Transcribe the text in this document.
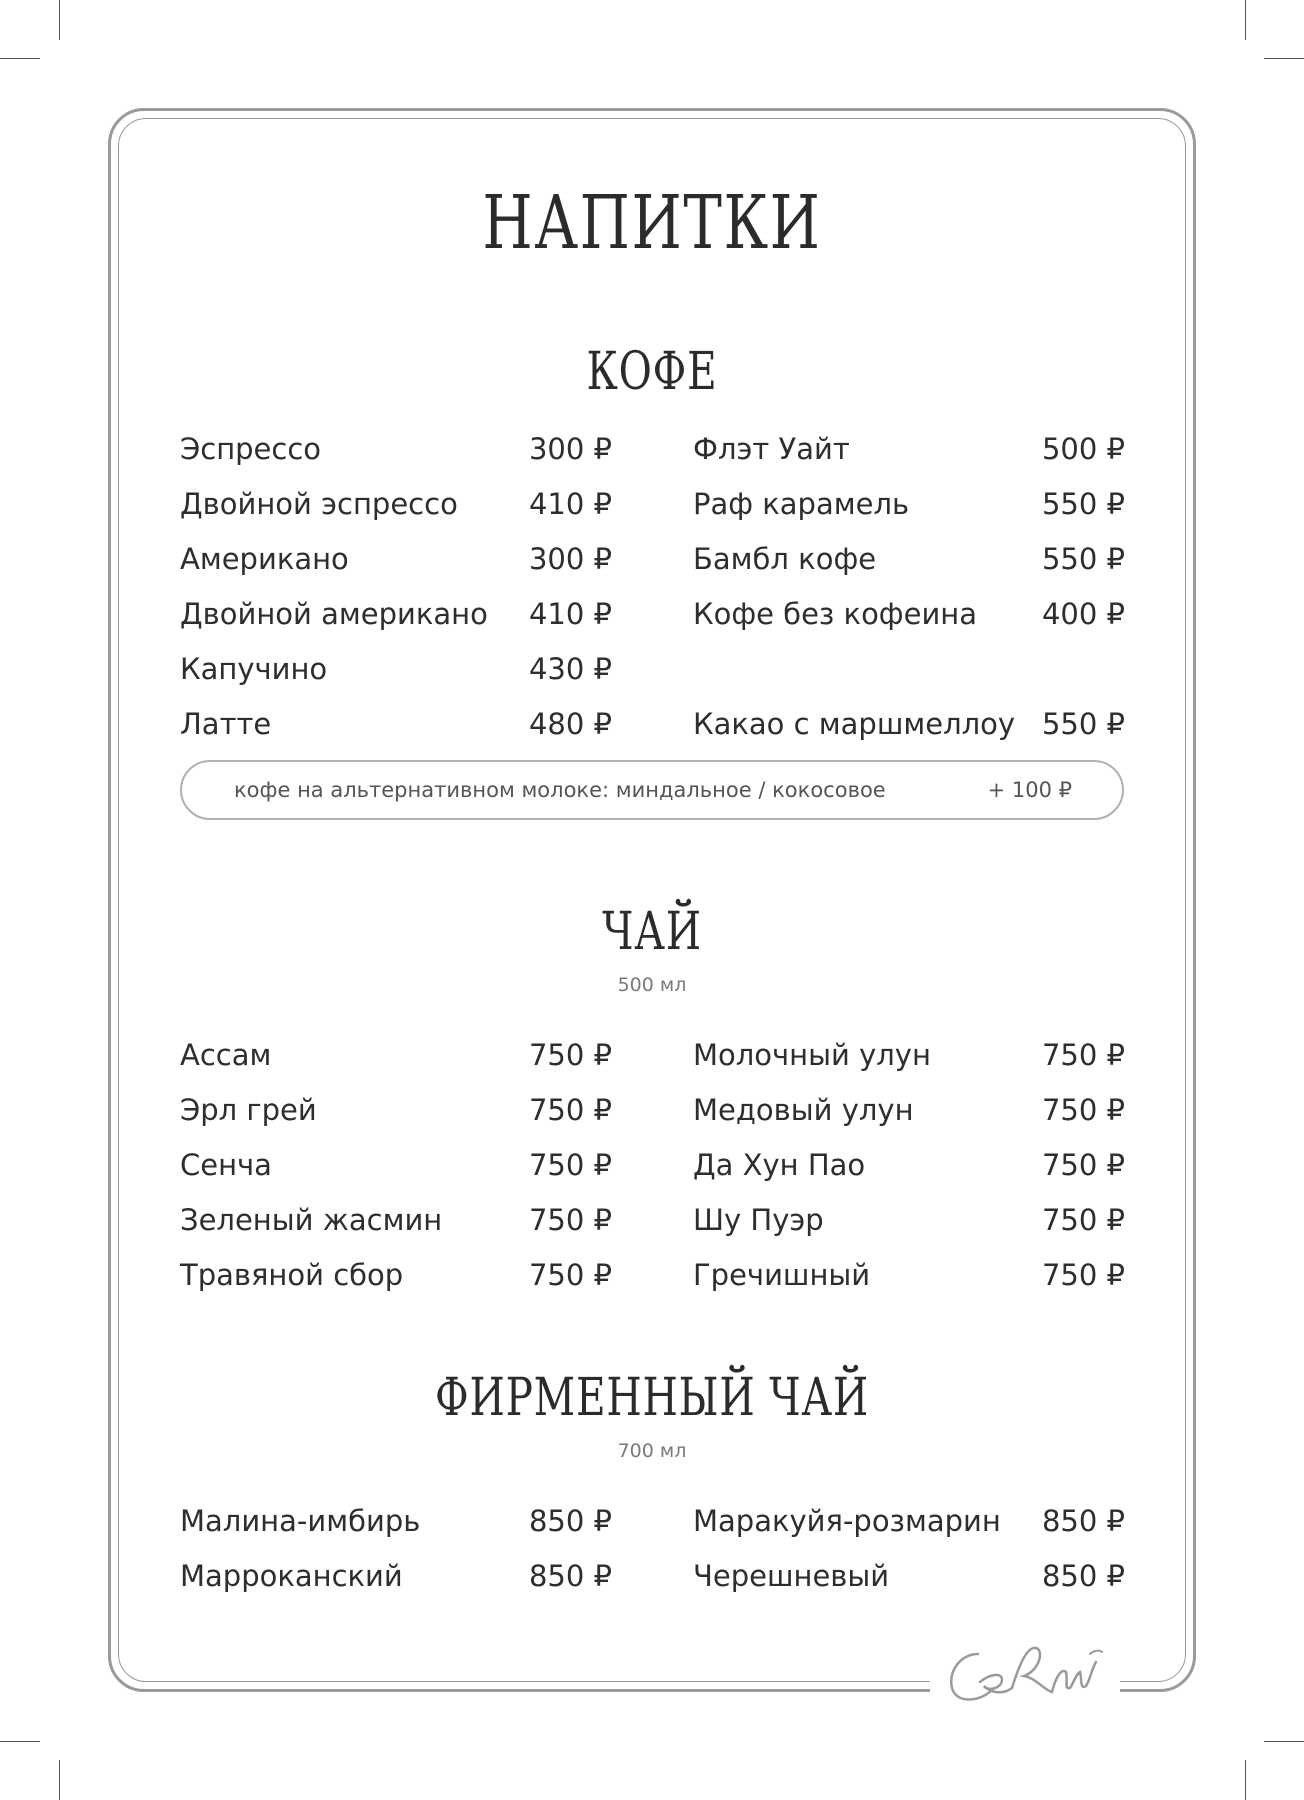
НАПИТКИ
КОФЕ
Эспрессо	300 ₽
Двойной эспрессо 410 ₽
Американо	300 ₽
Двойной американо 410 ₽
Капучино	430 ₽
Латте	480 ₽
Флэт Уайт	500 ₽
Раф карамель	550 ₽
Бамбл кофе	550 ₽
Кофе без кофеина 400 ₽
Какао с маршмеллоу 550 ₽
кофе на альтернативном молоке: миндальное / кокосовое	+ 100 ₽
ЧАЙ
500 мл
Ассам	750 ₽
Эрл грей	750 ₽
Сенча	750 ₽
Зеленый жасмин	750 ₽
Травяной сбор	750 ₽
Молочный улун	750 ₽
Медовый улун	750 ₽
Да Хун Пао	750 ₽
Шу Пуэр	750 ₽
Гречишный	750 ₽
ФИРМЕННЫЙ ЧАЙ
700 мл
Малина-имбирь	850 ₽
Марроканский	850 ₽
Маракуйя-розмарин 850 ₽
Черешневый	850 ₽
